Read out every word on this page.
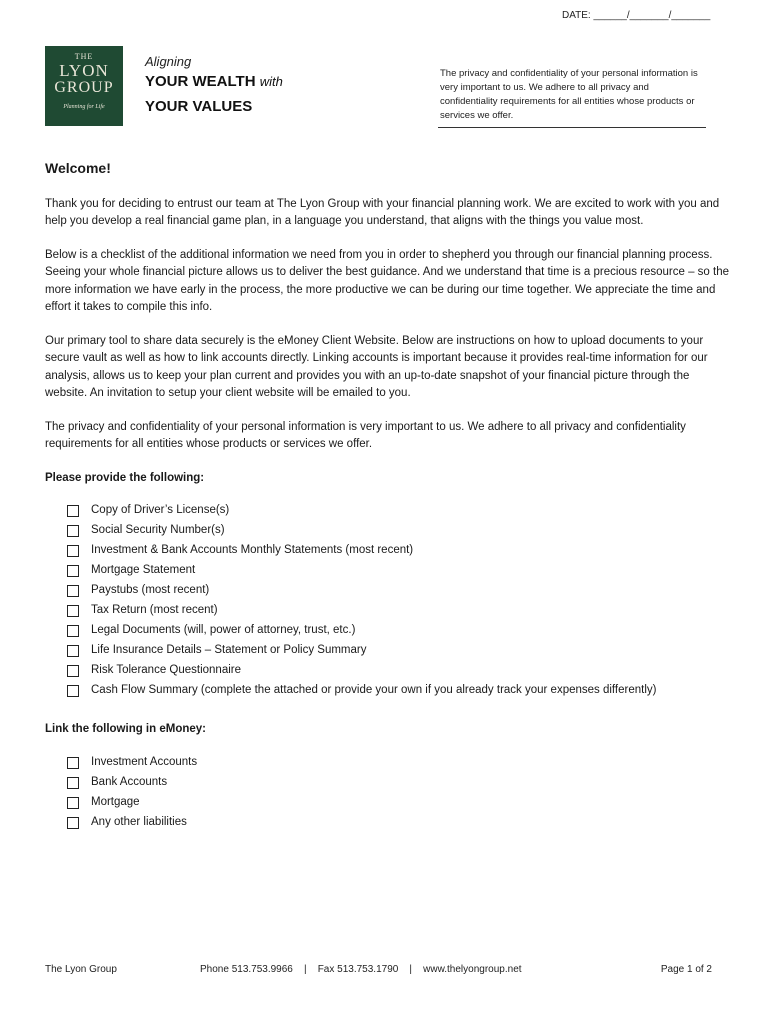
DATE: ______/_______/_______
THE
LYON
GROUP
Planning for Life
Aligning
YOUR WEALTH with
YOUR VALUES
The privacy and confidentiality of your personal information is very important to us. We adhere to all privacy and confidentiality requirements for all entities whose products or services we offer.
Welcome!

Thank you for deciding to entrust our team at The Lyon Group with your financial planning work. We are excited to work with you and help you develop a real financial game plan, in a language you understand, that aligns with the things you value most.

Below is a checklist of the additional information we need from you in order to shepherd you through our financial planning process. Seeing your whole financial picture allows us to deliver the best guidance. And we understand that time is a precious resource – so the more information we have early in the process, the more productive we can be during our time together. We appreciate the time and effort it takes to compile this info.

Our primary tool to share data securely is the eMoney Client Website. Below are instructions on how to upload documents to your secure vault as well as how to link accounts directly. Linking accounts is important because it provides real-time information for our analysis, allows us to keep your plan current and provides you with an up-to-date snapshot of your financial picture through the website. An invitation to setup your client website will be emailed to you.

The privacy and confidentiality of your personal information is very important to us. We adhere to all privacy and confidentiality requirements for all entities whose products or services we offer.

Please provide the following:
Copy of Driver’s License(s)
Social Security Number(s)
Investment & Bank Accounts Monthly Statements (most recent)
Mortgage Statement
Paystubs (most recent)
Tax Return (most recent)
Legal Documents (will, power of attorney, trust, etc.)
Life Insurance Details – Statement or Policy Summary
Risk Tolerance Questionnaire
Cash Flow Summary (complete the attached or provide your own if you already track your expenses differently)
Link the following in eMoney:
Investment Accounts
Bank Accounts
Mortgage
Any other liabilities
The Lyon Group	Phone 513.753.9966    |    Fax 513.753.1790    |    www.thelyongroup.net	Page 1 of 2
